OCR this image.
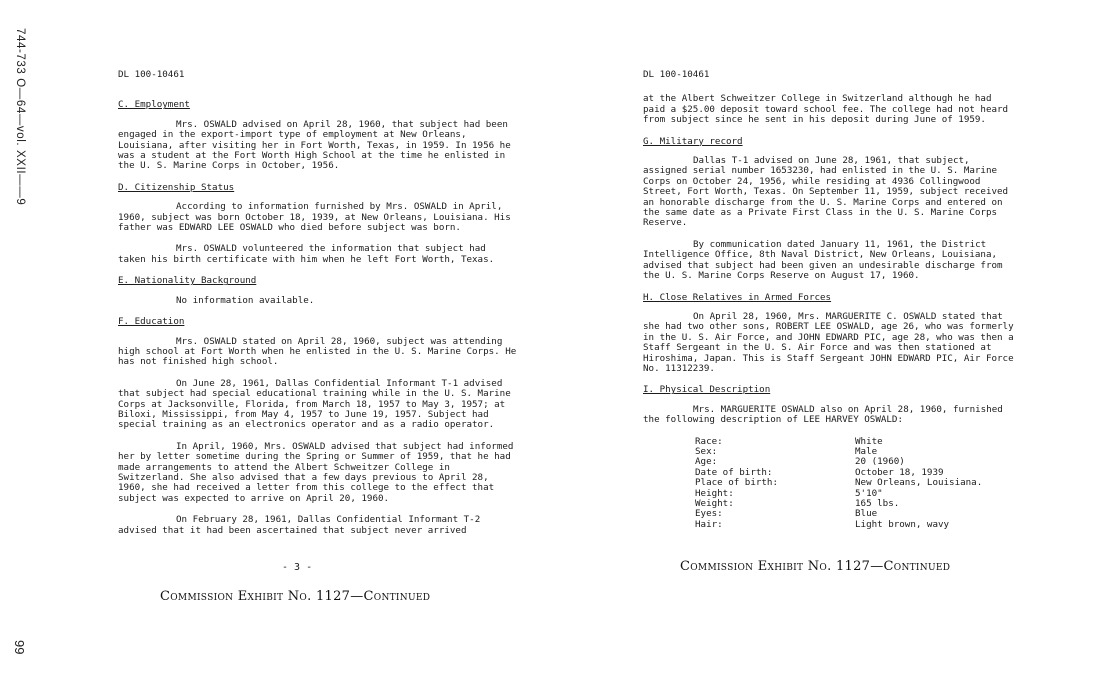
744-733 O—64—vol. XXII——9
99
DL 100-10461
C. Employment
Mrs. OSWALD advised on April 28, 1960, that subject had been engaged in the export-import type of employment at New Orleans, Louisiana, after visiting her in Fort Worth, Texas, in 1959. In 1956 he was a student at the Fort Worth High School at the time he enlisted in the U. S. Marine Corps in October, 1956.
D. Citizenship Status
According to information furnished by Mrs. OSWALD in April, 1960, subject was born October 18, 1939, at New Orleans, Louisiana. His father was EDWARD LEE OSWALD who died before subject was born.
Mrs. OSWALD volunteered the information that subject had taken his birth certificate with him when he left Fort Worth, Texas.
E. Nationality Background
No information available.
F. Education
Mrs. OSWALD stated on April 28, 1960, subject was attending high school at Fort Worth when he enlisted in the U. S. Marine Corps. He has not finished high school.
On June 28, 1961, Dallas Confidential Informant T-1 advised that subject had special educational training while in the U. S. Marine Corps at Jacksonville, Florida, from March 18, 1957 to May 3, 1957; at Biloxi, Mississippi, from May 4, 1957 to June 19, 1957. Subject had special training as an electronics operator and as a radio operator.
In April, 1960, Mrs. OSWALD advised that subject had informed her by letter sometime during the Spring or Summer of 1959, that he had made arrangements to attend the Albert Schweitzer College in Switzerland. She also advised that a few days previous to April 28, 1960, she had received a letter from this college to the effect that subject was expected to arrive on April 20, 1960.
On February 28, 1961, Dallas Confidential Informant T-2 advised that it had been ascertained that subject never arrived
- 3 -
Commission Exhibit No. 1127—Continued
DL 100-10461
at the Albert Schweitzer College in Switzerland although he had paid a $25.00 deposit toward school fee. The college had not heard from subject since he sent in his deposit during June of 1959.
G. Military record
Dallas T-1 advised on June 28, 1961, that subject, assigned serial number 1653230, had enlisted in the U. S. Marine Corps on October 24, 1956, while residing at 4936 Collingwood Street, Fort Worth, Texas. On September 11, 1959, subject received an honorable discharge from the U. S. Marine Corps and entered on the same date as a Private First Class in the U. S. Marine Corps Reserve.
By communication dated January 11, 1961, the District Intelligence Office, 8th Naval District, New Orleans, Louisiana, advised that subject had been given an undesirable discharge from the U. S. Marine Corps Reserve on August 17, 1960.
H. Close Relatives in Armed Forces
On April 28, 1960, Mrs. MARGUERITE C. OSWALD stated that she had two other sons, ROBERT LEE OSWALD, age 26, who was formerly in the U. S. Air Force, and JOHN EDWARD PIC, age 28, who was then a Staff Sergeant in the U. S. Air Force and was then stationed at Hiroshima, Japan. This is Staff Sergeant JOHN EDWARD PIC, Air Force No. 11312239.
I. Physical Description
Mrs. MARGUERITE OSWALD also on April 28, 1960, furnished the following description of LEE HARVEY OSWALD:
Race:	White
Sex:	Male
Age:	20 (1960)
Date of birth:	October 18, 1939
Place of birth:	New Orleans, Louisiana.
Height:	5'10"
Weight:	165 lbs.
Eyes:	Blue
Hair:	Light brown, wavy
Commission Exhibit No. 1127—Continued
